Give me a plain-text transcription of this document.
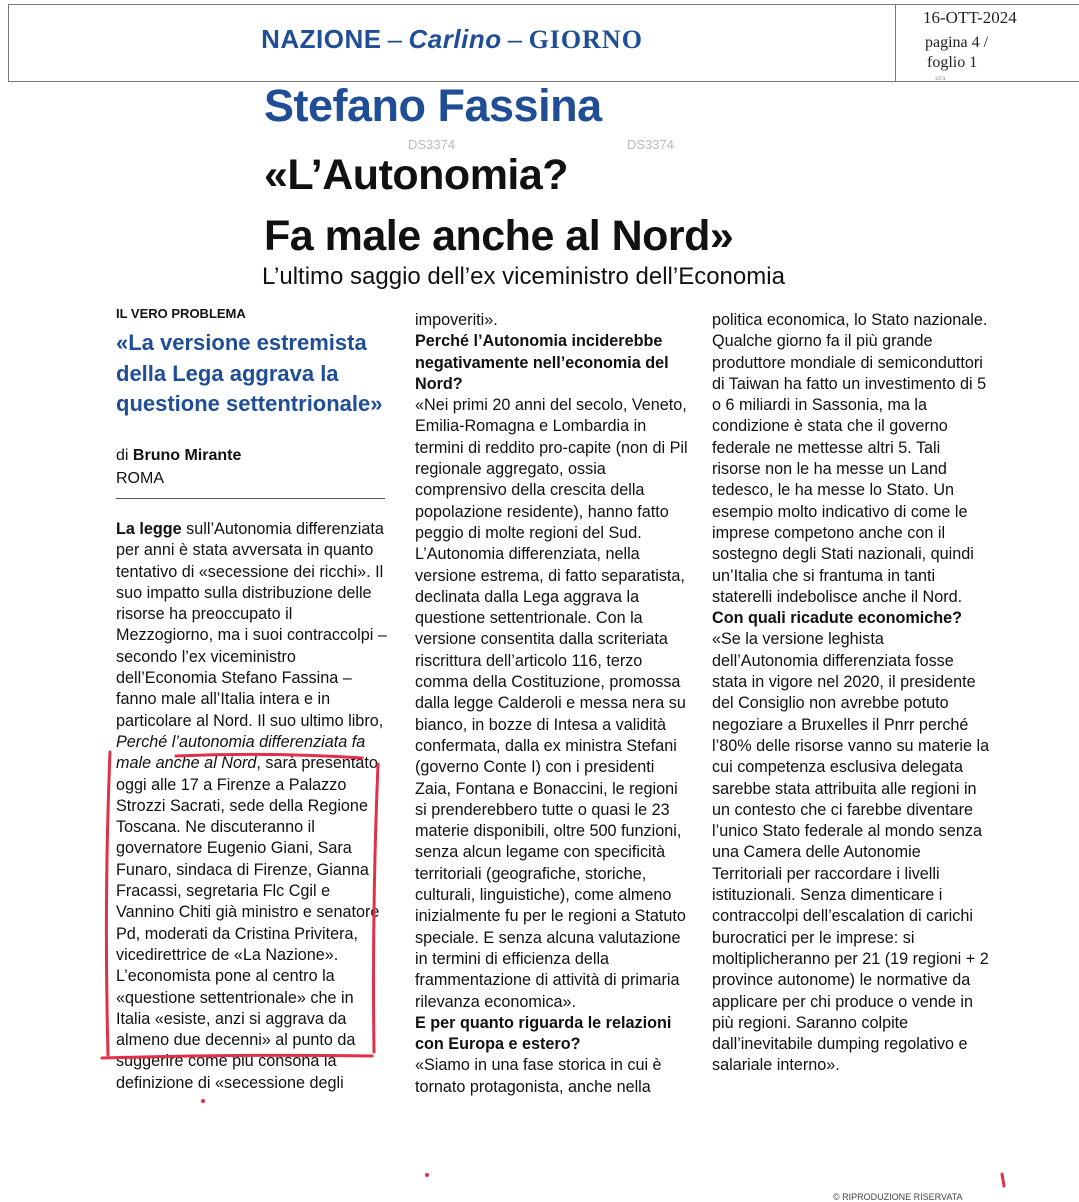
NAZIONE – Carlino – GIORNO
16-OTT-2024
pagina 4 /
foglio 1
3374
Stefano Fassina
DS3374	DS3374
«L’Autonomia?
Fa male anche al Nord»
L’ultimo saggio dell’ex viceministro dell’Economia
IL VERO PROBLEMA
«La versione estremista della Lega aggrava la questione settentrionale»
di Bruno Mirante
ROMA

La legge sull’Autonomia differenziata per anni è stata avversata in quanto tentativo di «secessione dei ricchi». Il suo impatto sulla distribuzione delle risorse ha preoccupato il Mezzogiorno, ma i suoi contraccolpi – secondo l’ex viceministro dell’Economia Stefano Fassina – fanno male all’Italia intera e in particolare al Nord. Il suo ultimo libro, Perché l’autonomia differenziata fa male anche al Nord, sarà presentato oggi alle 17 a Firenze a Palazzo Strozzi Sacrati, sede della Regione Toscana. Ne discuteranno il governatore Eugenio Giani, Sara Funaro, sindaca di Firenze, Gianna Fracassi, segretaria Flc Cgil e Vannino Chiti già ministro e senatore Pd, moderati da Cristina Privitera, vicedirettrice de «La Nazione». L’economista pone al centro la «questione settentrionale» che in Italia «esiste, anzi si aggrava da almeno due decenni» al punto da suggerire come più consona la definizione di «secessione degli

impoveriti».

Perché l’Autonomia inciderebbe negativamente nell’economia del Nord?

«Nei primi 20 anni del secolo, Veneto, Emilia-Romagna e Lombardia in termini di reddito pro-capite (non di Pil regionale aggregato, ossia comprensivo della crescita della popolazione residente), hanno fatto peggio di molte regioni del Sud. L’Autonomia differenziata, nella versione estrema, di fatto separatista, declinata dalla Lega aggrava la questione settentrionale. Con la versione consentita dalla scriteriata riscrittura dell’articolo 116, terzo comma della Costituzione, promossa dalla legge Calderoli e messa nera su bianco, in bozze di Intesa a validità confermata, dalla ex ministra Stefani (governo Conte I) con i presidenti Zaia, Fontana e Bonaccini, le regioni si prenderebbero tutte o quasi le 23 materie disponibili, oltre 500 funzioni, senza alcun legame con specificità territoriali (geografiche, storiche, culturali, linguistiche), come almeno inizialmente fu per le regioni a Statuto speciale. E senza alcuna valutazione in termini di efficienza della frammentazione di attività di primaria rilevanza economica».

E per quanto riguarda le relazioni con Europa e estero?

«Siamo in una fase storica in cui è tornato protagonista, anche nella

politica economica, lo Stato nazionale. Qualche giorno fa il più grande produttore mondiale di semiconduttori di Taiwan ha fatto un investimento di 5 o 6 miliardi in Sassonia, ma la condizione è stata che il governo federale ne mettesse altri 5. Tali risorse non le ha messe un Land tedesco, le ha messe lo Stato. Un esempio molto indicativo di come le imprese competono anche con il sostegno degli Stati nazionali, quindi un’Italia che si frantuma in tanti staterelli indebolisce anche il Nord.

Con quali ricadute economiche?

«Se la versione leghista dell’Autonomia differenziata fosse stata in vigore nel 2020, il presidente del Consiglio non avrebbe potuto negoziare a Bruxelles il Pnrr perché l’80% delle risorse vanno su materie la cui competenza esclusiva delegata sarebbe stata attribuita alle regioni in un contesto che ci farebbe diventare l’unico Stato federale al mondo senza una Camera delle Autonomie Territoriali per raccordare i livelli istituzionali. Senza dimenticare i contraccolpi dell’escalation di carichi burocratici per le imprese: si moltiplicheranno per 21 (19 regioni + 2 province autonome) le normative da applicare per chi produce o vende in più regioni. Saranno colpite dall’inevitabile dumping regolativo e salariale interno».

© RIPRODUZIONE RISERVATA
